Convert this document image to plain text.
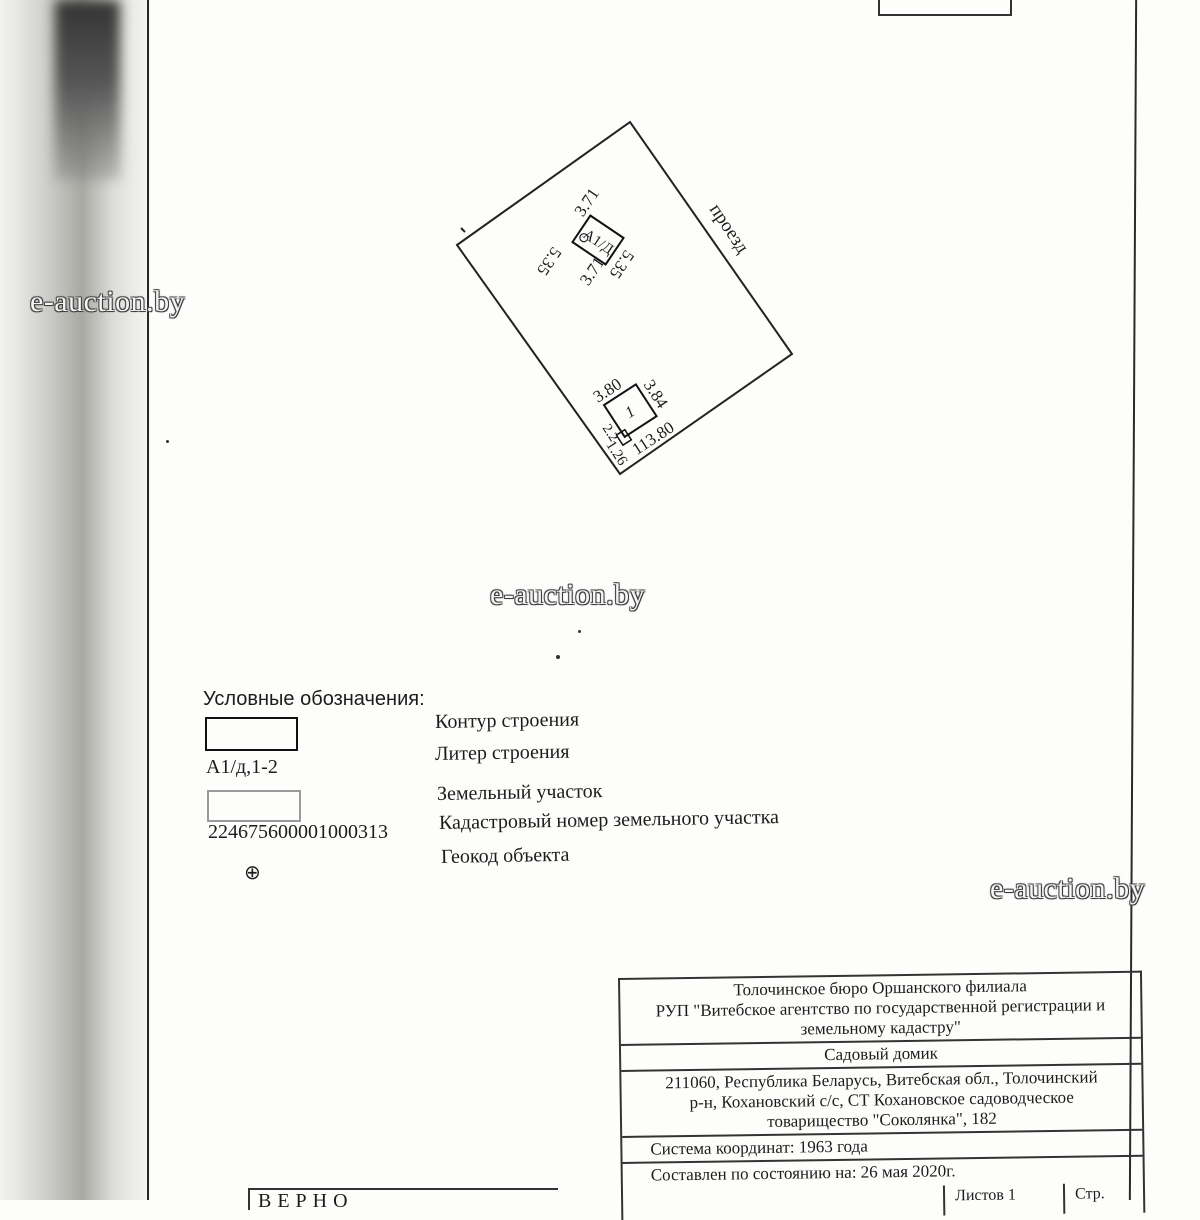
проезд
А1/Д
3.71
5.35
5.35 3.71
1
3.80 3.84
113.80
2.2
1.26
e-auction.by
e-auction.by
e-auction.by
Условные обозначения:
Контур строения
А1/д,1-2
Литер строения
Земельный участок
224675600001000313	Кадастровый номер земельного участка
⊕
Геокод объекта
Толочинское бюро Оршанского филиала
РУП "Витебское агентство по государственной регистрации и
земельному кадастру"
Садовый домик
211060, Республика Беларусь, Витебская обл., Толочинский
р-н, Кохановский с/с, СТ Кохановское садоводческое
товарищество "Соколянка", 182
Система координат: 1963 года
Составлен по состоянию на: 26 мая 2020г.
Листов 1	Стр.
ВЕРНО
